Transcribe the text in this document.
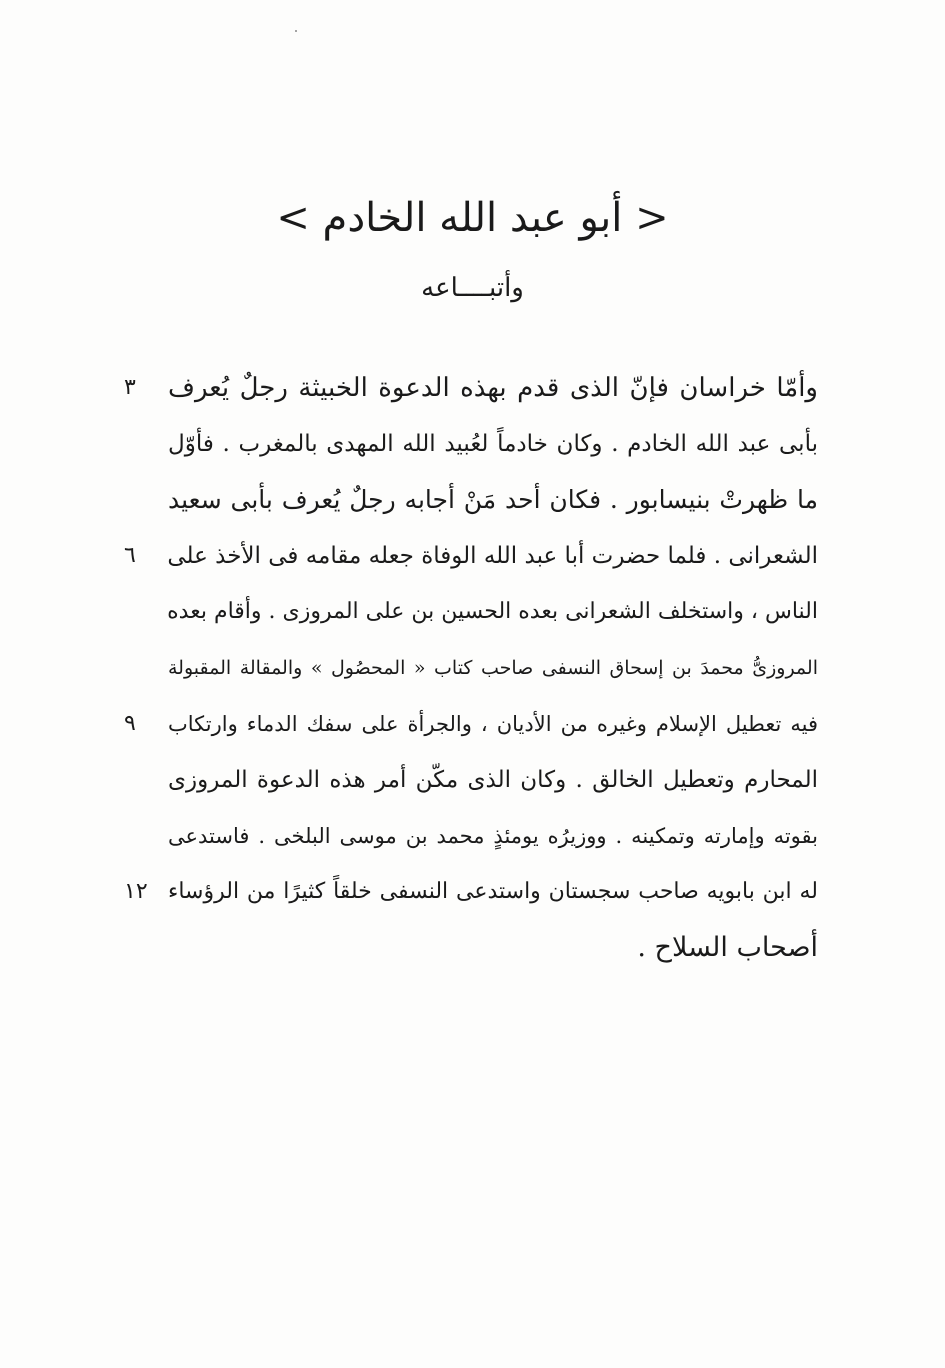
< أبو عبد الله الخادم >
وأتبــــاعه
٣
٦
٩
١٢
وأمّا خراسان فإنّ الذى قدم بهذه الدعوة الخبيثة رجلٌ يُعرف
بأبى عبد الله الخادم . وكان خادماً لعُبيد الله المهدى بالمغرب . فأوّل
ما ظهرتْ بنيسابور . فكان أحد مَنْ أجابه رجلٌ يُعرف بأبى سعيد
الشعرانى . فلما حضرت أبا عبد الله الوفاة جعله مقامه فى الأخذ على
الناس ، واستخلف الشعرانى بعده الحسين بن على المروزى . وأقام بعده
المروزىُّ محمدَ بن إسحاق النسفى صاحب كتاب « المحصُول » والمقالة المقبولة
فيه تعطيل الإسلام وغيره من الأديان ، والجرأة على سفك الدماء وارتكاب
المحارم وتعطيل الخالق . وكان الذى مكّن أمر هذه الدعوة المروزى
بقوته وإمارته وتمكينه . ووزيرُه يومئذٍ محمد بن موسى البلخى . فاستدعى
له ابن بابويه صاحب سجستان واستدعى النسفى خلقاً كثيرًا من الرؤساء
أصحاب السلاح .
